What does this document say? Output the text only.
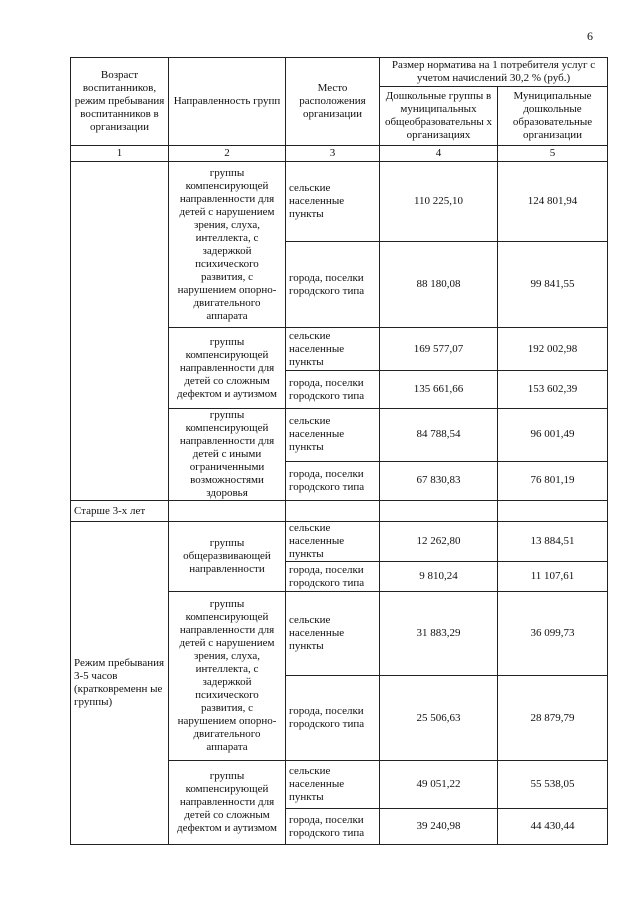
6
Возраст воспитанников, режим пребывания воспитанников в организации	Направленность групп	Место расположения организации	Размер норматива на 1 потребителя услуг с учетом начислений 30,2 % (руб.)	
			Дошкольные группы в муниципальных общеобразовательны х организациях	Муниципальные дошкольные образовательные организации
1	2	3	4	5
	группы компенсирующей направленности для детей с нарушением зрения, слуха, интеллекта, с задержкой психического развития, с нарушением опорно-двигательного аппарата	сельские населенные пункты	110 225,10	124 801,94
		города, поселки городского типа	88 180,08	99 841,55
	группы компенсирующей направленности для детей со сложным дефектом и аутизмом	сельские населенные пункты	169 577,07	192 002,98
		города, поселки городского типа	135 661,66	153 602,39
	группы компенсирующей направленности для детей с иными ограниченными возможностями здоровья	сельские населенные пункты	84 788,54	96 001,49
		города, поселки городского типа	67 830,83	76 801,19
Старше 3-х лет				
Режим пребывания 3-5 часов (кратковременн ые группы)	группы общеразвивающей направленности	сельские населенные пункты	12 262,80	13 884,51
		города, поселки городского типа	9 810,24	11 107,61
	группы компенсирующей направленности для детей с нарушением зрения, слуха, интеллекта, с задержкой психического развития, с нарушением опорно-двигательного аппарата	сельские населенные пункты	31 883,29	36 099,73
		города, поселки городского типа	25 506,63	28 879,79
	группы компенсирующей направленности для детей со сложным дефектом и аутизмом	сельские населенные пункты	49 051,22	55 538,05
		города, поселки городского типа	39 240,98	44 430,44
